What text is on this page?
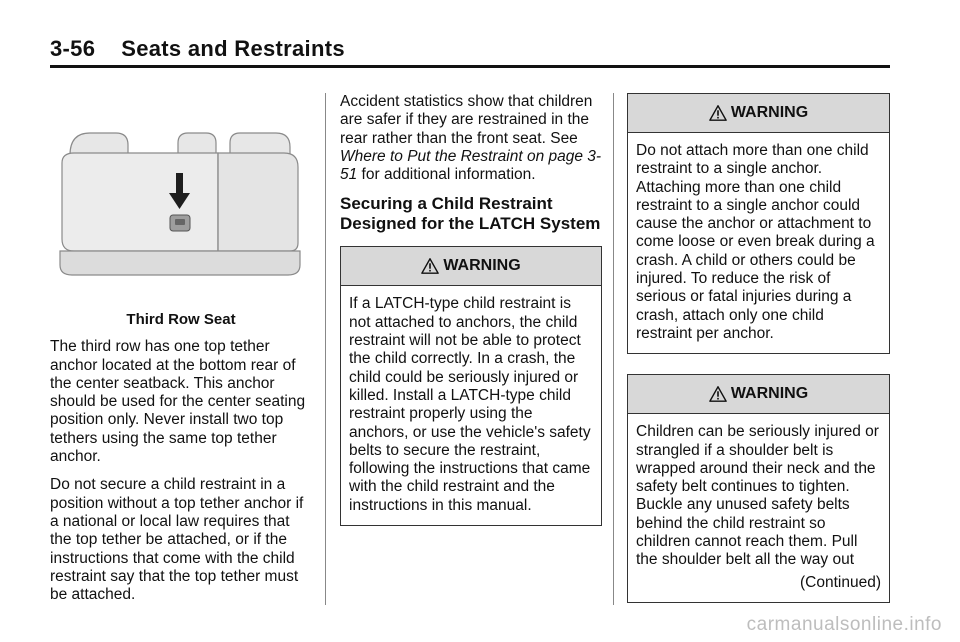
3-56 Seats and Restraints
Third Row Seat

The third row has one top tether anchor located at the bottom rear of the center seatback. This anchor should be used for the center seating position only. Never install two top tethers using the same top tether anchor.

Do not secure a child restraint in a position without a top tether anchor if a national or local law requires that the top tether be attached, or if the instructions that come with the child restraint say that the top tether must be attached.

Accident statistics show that children are safer if they are restrained in the rear rather than the front seat. See Where to Put the Restraint on page 3-51 for additional information.

Securing a Child Restraint Designed for the LATCH System
WARNING
If a LATCH-type child restraint is not attached to anchors, the child restraint will not be able to protect the child correctly. In a crash, the child could be seriously injured or killed. Install a LATCH-type child restraint properly using the anchors, or use the vehicle's safety belts to secure the restraint, following the instructions that came with the child restraint and the instructions in this manual.
WARNING
Do not attach more than one child restraint to a single anchor. Attaching more than one child restraint to a single anchor could cause the anchor or attachment to come loose or even break during a crash. A child or others could be injured. To reduce the risk of serious or fatal injuries during a crash, attach only one child restraint per anchor.
WARNING
Children can be seriously injured or strangled if a shoulder belt is wrapped around their neck and the safety belt continues to tighten. Buckle any unused safety belts behind the child restraint so children cannot reach them. Pull the shoulder belt all the way out
(Continued)
carmanualsonline.info
